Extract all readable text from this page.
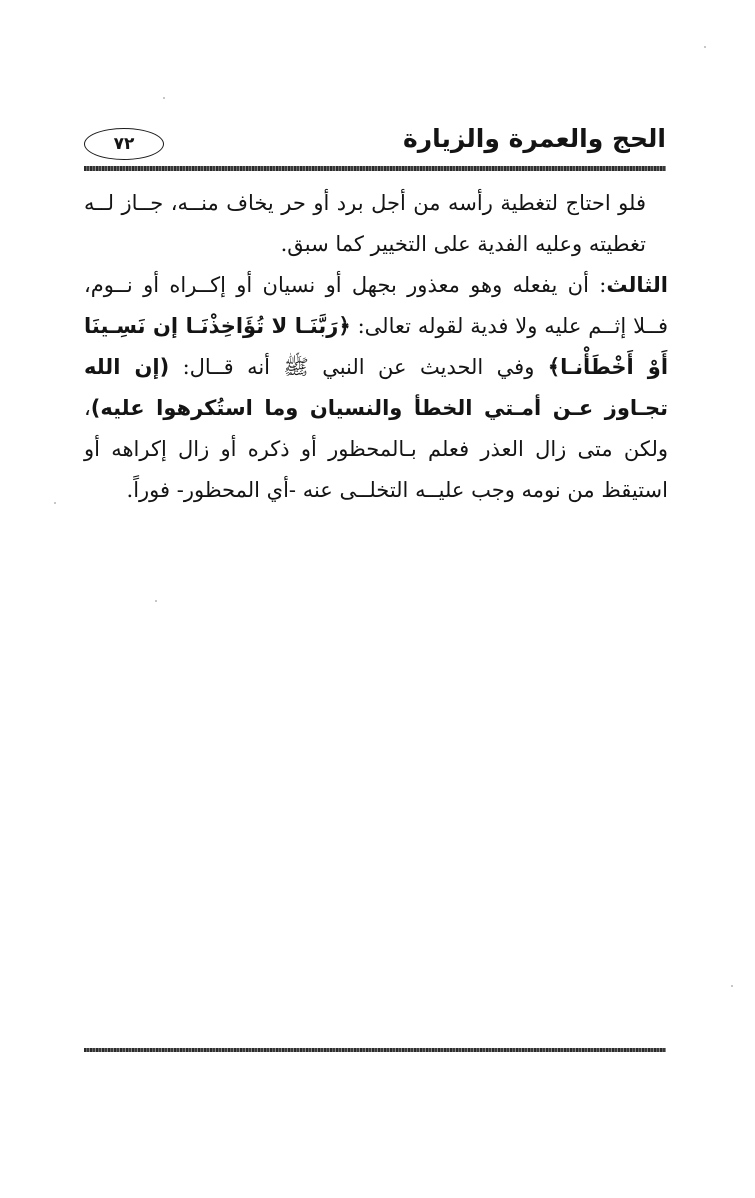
٧٢	الحج والعمرة والزيارة

فلو احتاج لتغطية رأسه من أجل برد أو حر يخاف منــه، جــاز لــه تغطيته وعليه الفدية على التخيير كما سبق.

الثالث: أن يفعله وهو معذور بجهل أو نسيان أو إكــراه أو نــوم، فــلا إثــم عليه ولا فدية لقوله تعالى: ﴿رَبَّنَـا لا تُؤَاخِذْنَـا إن نَسِـينَا أَوْ أَخْطَأْنـا﴾ وفي الحديث عن النبي ﷺ أنه قــال: (إن الله تجـاوز عـن أمـتي الخطأ والنسيان وما استُكرهوا عليه)، ولكن متى زال العذر فعلم بـالمحظور أو ذكره أو زال إكراهه أو استيقظ من نومه وجب عليــه التخلــى عنه -أي المحظور- فوراً.
